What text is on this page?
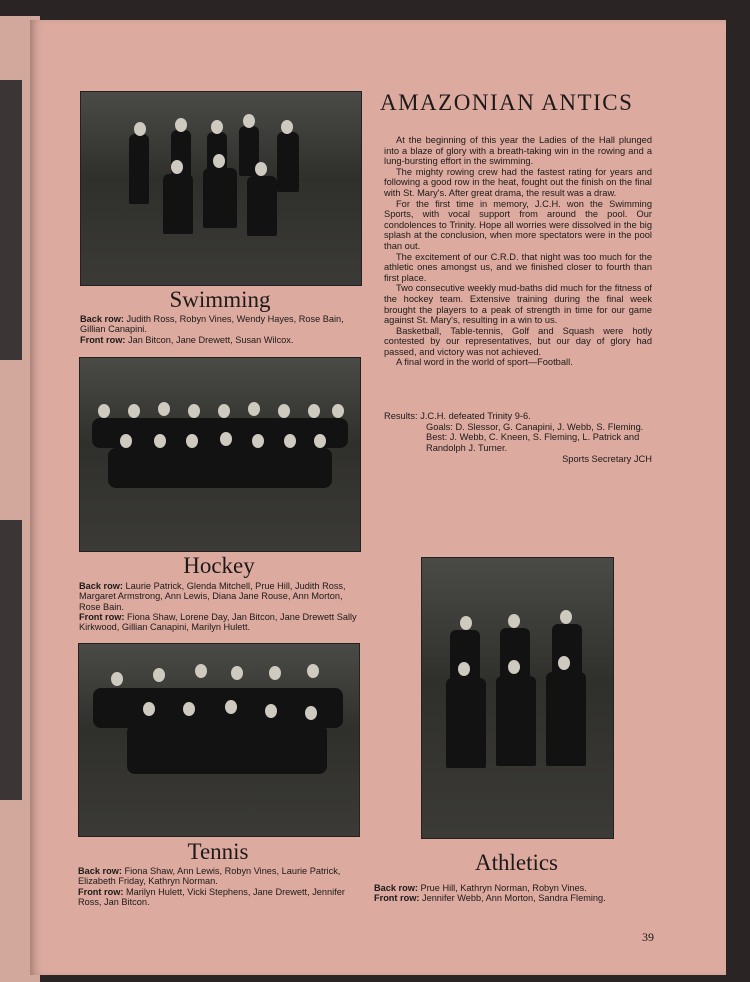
Swimming
Back row: Judith Ross, Robyn Vines, Wendy Hayes, Rose Bain, Gillian Canapini.
Front row: Jan Bitcon, Jane Drewett, Susan Wilcox.
Hockey
Back row: Laurie Patrick, Glenda Mitchell, Prue Hill, Judith Ross, Margaret Armstrong, Ann Lewis, Diana Jane Rouse, Ann Morton, Rose Bain.
Front row: Fiona Shaw, Lorene Day, Jan Bitcon, Jane Drewett Sally Kirkwood, Gillian Canapini, Marilyn Hulett.
Tennis
Back row: Fiona Shaw, Ann Lewis, Robyn Vines, Laurie Patrick, Elizabeth Friday, Kathryn Norman.
Front row: Marilyn Hulett, Vicki Stephens, Jane Drewett, Jennifer Ross, Jan Bitcon.
Athletics
Back row: Prue Hill, Kathryn Norman, Robyn Vines.
Front row: Jennifer Webb, Ann Morton, Sandra Fleming.
AMAZONIAN ANTICS

At the beginning of this year the Ladies of the Hall plunged into a blaze of glory with a breath-taking win in the rowing and a lung-bursting effort in the swimming.

The mighty rowing crew had the fastest rating for years and following a good row in the heat, fought out the finish on the final with St. Mary's. After great drama, the result was a draw.

For the first time in memory, J.C.H. won the Swimming Sports, with vocal support from around the pool. Our condolences to Trinity. Hope all worries were dissolved in the big splash at the conclusion, when more spectators were in the pool than out.

The excitement of our C.R.D. that night was too much for the athletic ones amongst us, and we finished closer to fourth than first place.

Two consecutive weekly mud-baths did much for the fitness of the hockey team. Extensive training during the final week brought the players to a peak of strength in time for our game against St. Mary's, resulting in a win to us.

Basketball, Table-tennis, Golf and Squash were hotly contested by our representatives, but our day of glory had passed, and victory was not achieved.

A final word in the world of sport—Football.

Results: J.C.H. defeated Trinity 9-6.
Goals: D. Slessor, G. Canapini, J. Webb, S. Fleming.
Best: J. Webb, C. Kneen, S. Fleming, L. Patrick and Randolph J. Turner.
Sports Secretary JCH
39
